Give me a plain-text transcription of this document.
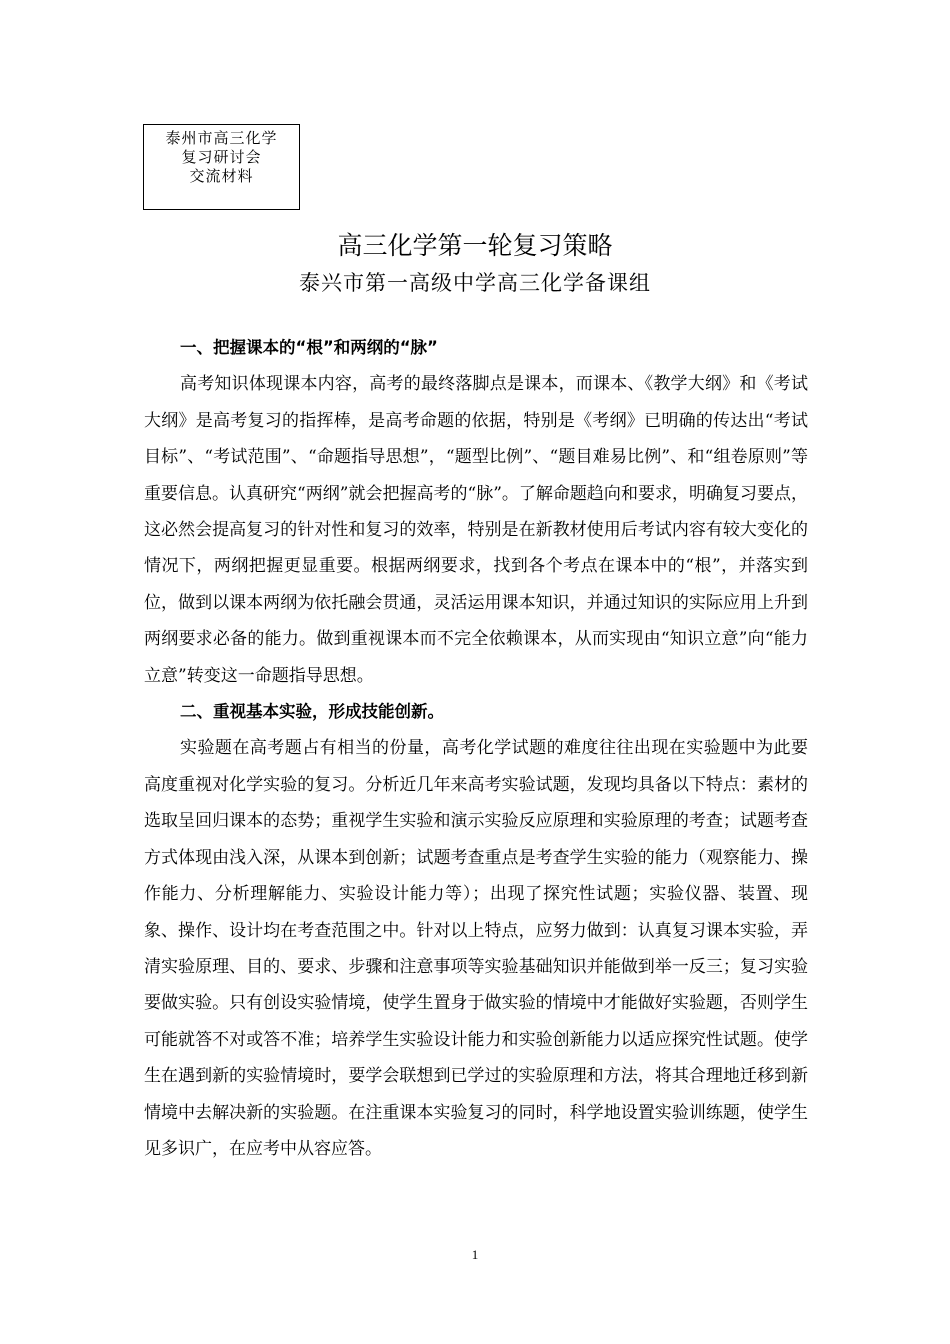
泰州市高三化学
复习研讨会
交流材料
高三化学第一轮复习策略
泰兴市第一高级中学高三化学备课组

一、把握课本的“根”和两纲的“脉”

高考知识体现课本内容，高考的最终落脚点是课本，而课本、《教学大纲》和《考试大纲》是高考复习的指挥棒，是高考命题的依据，特别是《考纲》已明确的传达出“考试目标”、“考试范围”、“命题指导思想”，“题型比例”、“题目难易比例”、和“组卷原则”等重要信息。认真研究“两纲”就会把握高考的“脉”。了解命题趋向和要求，明确复习要点，这必然会提高复习的针对性和复习的效率，特别是在新教材使用后考试内容有较大变化的情况下，两纲把握更显重要。根据两纲要求，找到各个考点在课本中的“根”，并落实到位，做到以课本两纲为依托融会贯通，灵活运用课本知识，并通过知识的实际应用上升到两纲要求必备的能力。做到重视课本而不完全依赖课本，从而实现由“知识立意”向“能力立意”转变这一命题指导思想。

二、重视基本实验，形成技能创新。

实验题在高考题占有相当的份量，高考化学试题的难度往往出现在实验题中为此要高度重视对化学实验的复习。分析近几年来高考实验试题，发现均具备以下特点：素材的选取呈回归课本的态势；重视学生实验和演示实验反应原理和实验原理的考查；试题考查方式体现由浅入深，从课本到创新；试题考查重点是考查学生实验的能力（观察能力、操作能力、分析理解能力、实验设计能力等）；出现了探究性试题；实验仪器、装置、现象、操作、设计均在考查范围之中。针对以上特点，应努力做到：认真复习课本实验，弄清实验原理、目的、要求、步骤和注意事项等实验基础知识并能做到举一反三；复习实验要做实验。只有创设实验情境，使学生置身于做实验的情境中才能做好实验题，否则学生可能就答不对或答不准；培养学生实验设计能力和实验创新能力以适应探究性试题。使学生在遇到新的实验情境时，要学会联想到已学过的实验原理和方法，将其合理地迁移到新情境中去解决新的实验题。在注重课本实验复习的同时，科学地设置实验训练题，使学生见多识广，在应考中从容应答。

1
